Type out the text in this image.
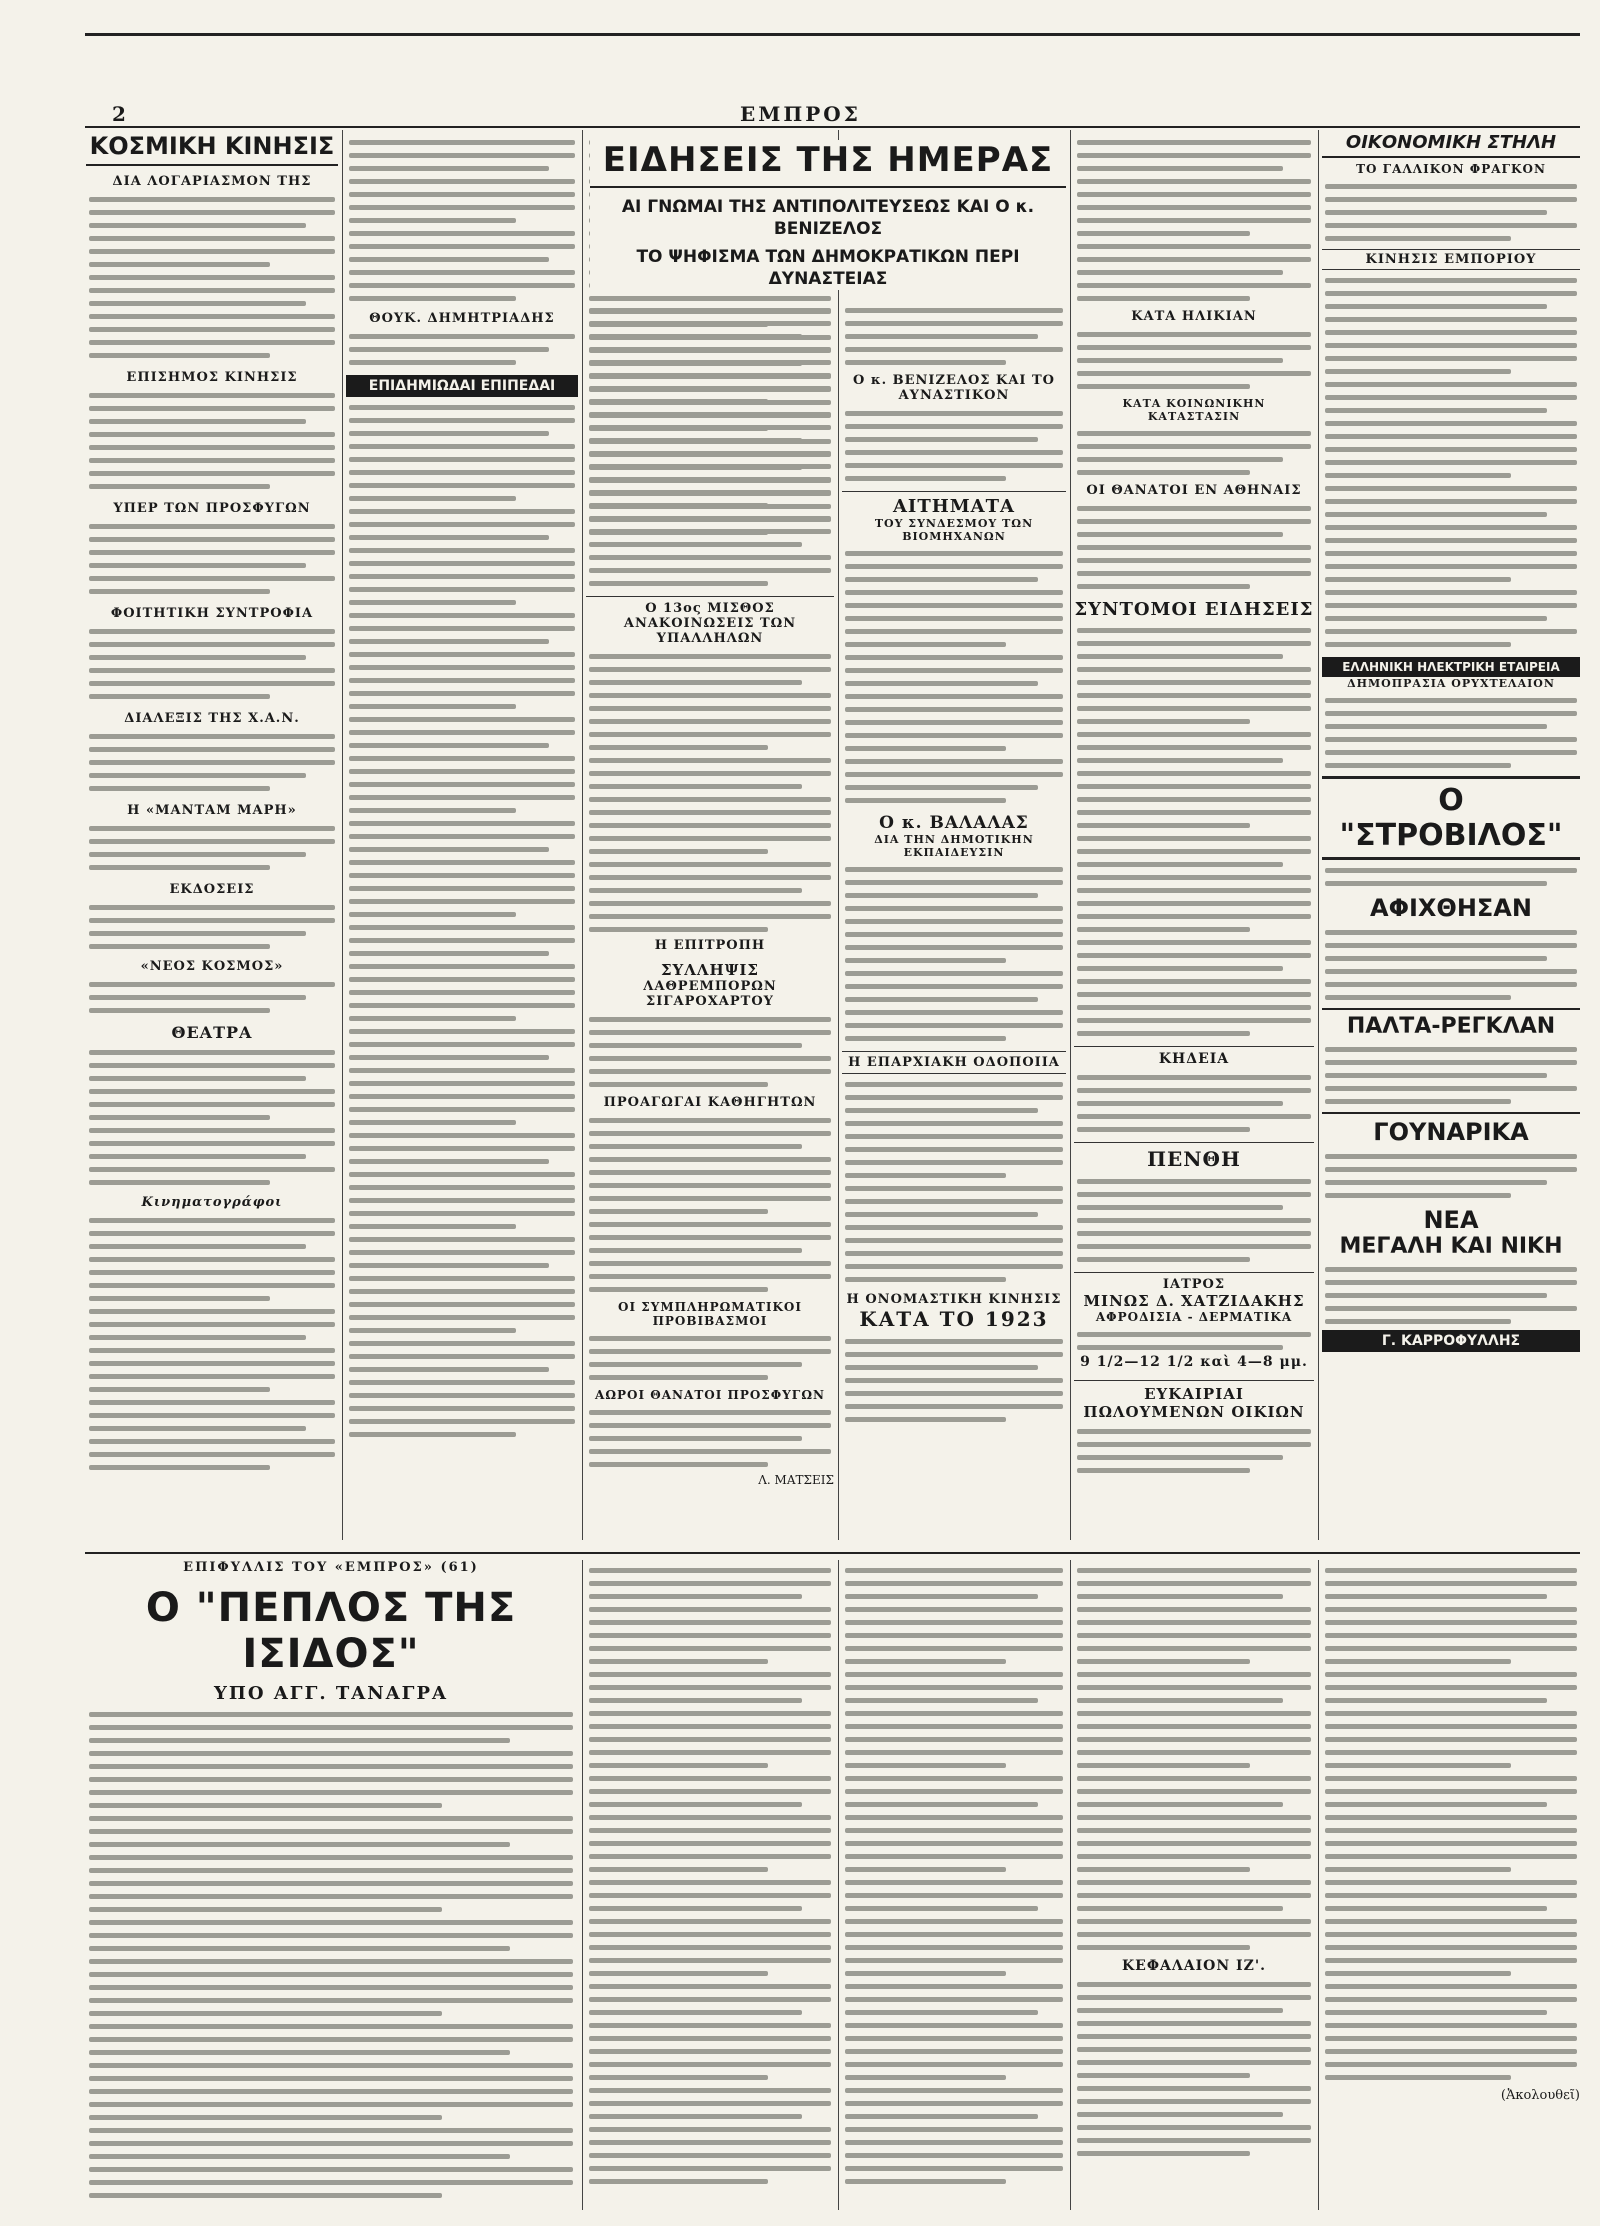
2	ΕΜΠΡΟΣ
ΚΟΣΜΙΚΗ ΚΙΝΗΣΙΣ
ΔΙΑ ΛΟΓΑΡΙΑΣΜΟΝ ΤΗΣ
ΕΠΙΣΗΜΟΣ ΚΙΝΗΣΙΣ
ΥΠΕΡ ΤΩΝ ΠΡΟΣΦΥΓΩΝ
ΦΟΙΤΗΤΙΚΗ ΣΥΝΤΡΟΦΙΑ
ΔΙΑΛΕΞΙΣ ΤΗΣ Χ.Α.Ν.
Η «ΜΑΝΤΑΜ ΜΑΡΗ»
ΕΚΔΟΣΕΙΣ
«ΝΕΟΣ ΚΟΣΜΟΣ»
ΘΕΑΤΡΑ
Κινηματογράφοι
ΘΟΥΚ. ΔΗΜΗΤΡΙΑΔΗΣ
ΕΠΙΔΗΜΙΩΔΑΙ ΕΠΙΠΕΔΑΙ
ΕΙΔΗΣΕΙΣ ΤΗΣ ΗΜΕΡΑΣ
ΑΙ ΓΝΩΜΑΙ ΤΗΣ ΑΝΤΙΠΟΛΙΤΕΥΣΕΩΣ ΚΑΙ Ο κ. ΒΕΝΙΖΕΛΟΣ
ΤΟ ΨΗΦΙΣΜΑ ΤΩΝ ΔΗΜΟΚΡΑΤΙΚΩΝ ΠΕΡΙ ΔΥΝΑΣΤΕΙΑΣ
Ο 13ος ΜΙΣΘΟΣ
ΑΝΑΚΟΙΝΩΣΕΙΣ ΤΩΝ ΥΠΑΛΛΗΛΩΝ
Η ΕΠΙΤΡΟΠΗ
ΣΥΛΛΗΨΙΣ
ΛΑΘΡΕΜΠΟΡΩΝ ΣΙΓΑΡΟΧΑΡΤΟΥ
ΠΡΟΑΓΩΓΑΙ ΚΑΘΗΓΗΤΩΝ
ΟΙ ΣΥΜΠΛΗΡΩΜΑΤΙΚΟΙ ΠΡΟΒΙΒΑΣΜΟΙ
ΑΩΡΟΙ ΘΑΝΑΤΟΙ ΠΡΟΣΦΥΓΩΝ
Λ. ΜΑΤΣΕΙΣ
Ο κ. ΒΕΝΙΖΕΛΟΣ ΚΑΙ ΤΟ ΑΥΝΑΣΤΙΚΟΝ
ΑΙΤΗΜΑΤΑ
ΤΟΥ ΣΥΝΔΕΣΜΟΥ ΤΩΝ ΒΙΟΜΗΧΑΝΩΝ
Ο κ. ΒΑΛΑΛΑΣ
ΔΙΑ ΤΗΝ ΔΗΜΟΤΙΚΗΝ ΕΚΠΑΙΔΕΥΣΙΝ
Η ΕΠΑΡΧΙΑΚΗ ΟΔΟΠΟΙΙΑ
Η ΟΝΟΜΑΣΤΙΚΗ ΚΙΝΗΣΙΣ
ΚΑΤΑ ΤΟ 1923
ΚΑΤΑ ΗΛΙΚΙΑΝ
ΚΑΤΑ ΚΟΙΝΩΝΙΚΗΝ ΚΑΤΑΣΤΑΣΙΝ
ΟΙ ΘΑΝΑΤΟΙ ΕΝ ΑΘΗΝΑΙΣ
ΣΥΝΤΟΜΟΙ ΕΙΔΗΣΕΙΣ
ΚΗΔΕΙΑ
ΠΕΝΘΗ
ΙΑΤΡΟΣ
ΜΙΝΩΣ Δ. ΧΑΤΖΙΔΑΚΗΣ
ΑΦΡΟΔΙΣΙΑ - ΔΕΡΜΑΤΙΚΑ
9 1/2—12 1/2 καὶ 4—8 μμ.
ΕΥΚΑΙΡΙΑΙ ΠΩΛΟΥΜΕΝΩΝ ΟΙΚΙΩΝ
ΟΙΚΟΝΟΜΙΚΗ ΣΤΗΛΗ
ΤΟ ΓΑΛΛΙΚΟΝ ΦΡΑΓΚΟΝ
ΚΙΝΗΣΙΣ ΕΜΠΟΡΙΟΥ
ΕΛΛΗΝΙΚΗ ΗΛΕΚΤΡΙΚΗ ΕΤΑΙΡΕΙΑ
ΔΗΜΟΠΡΑΣΙΑ ΟΡΥΧΤΕΛΑΙΟΝ
Ο "ΣΤΡΟΒΙΛΟΣ"
ΑΦΙΧΘΗΣΑΝ
ΠΑΛΤΑ-ΡΕΓΚΛΑΝ
ΓΟΥΝΑΡΙΚΑ
ΝΕΑ
ΜΕΓΑΛΗ ΚΑΙ ΝΙΚΗ
Γ. ΚΑΡΡΟΦΥΛΛΗΣ
ΕΠΙΦΥΛΛΙΣ ΤΟΥ «ΕΜΠΡΟΣ» (61)
Ο "ΠΕΠΛΟΣ ΤΗΣ ΙΣΙΔΟΣ"
ΥΠΟ ΑΓΓ. ΤΑΝΑΓΡΑ
ΚΕΦΑΛΑΙΟΝ ΙΖ'.
(Ἀκολουθεῖ)
